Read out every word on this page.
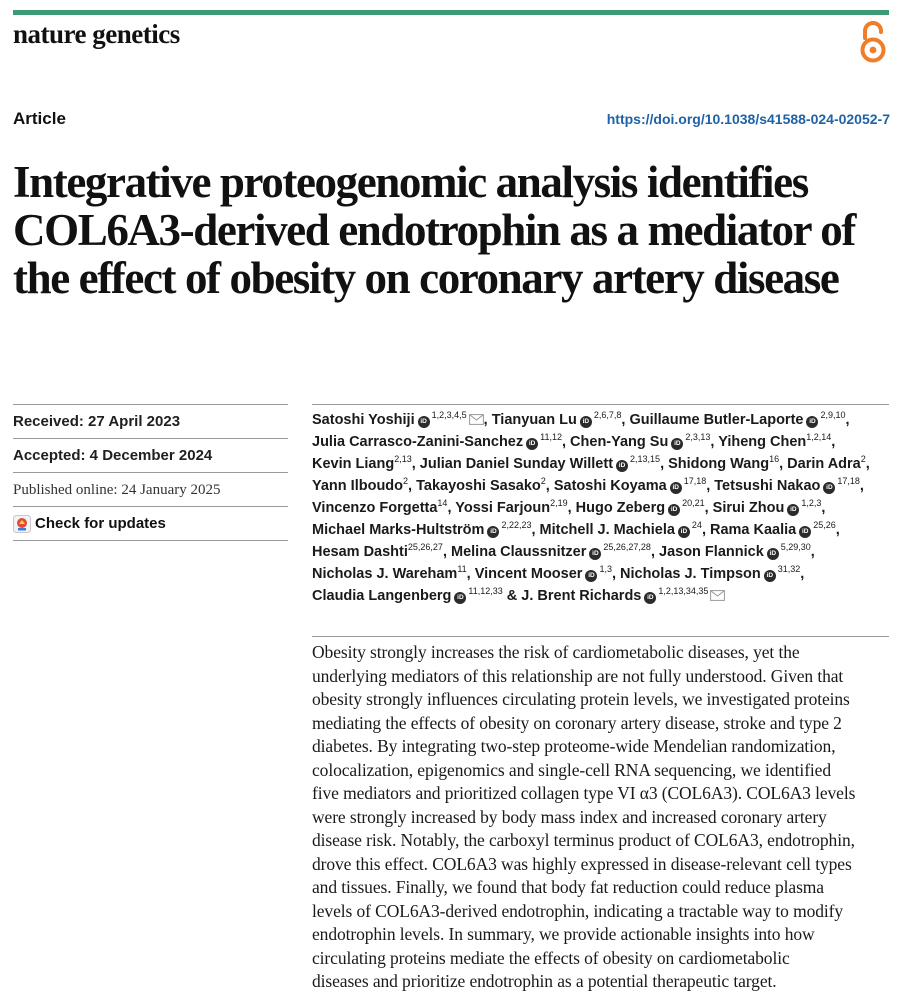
nature genetics
Article	https://doi.org/10.1038/s41588-024-02052-7
Integrative proteogenomic analysis identifies COL6A3-derived endotrophin as a mediator of the effect of obesity on coronary artery disease
Received: 27 April 2023
Accepted: 4 December 2024
Published online: 24 January 2025
Check for updates
Satoshi Yoshiji iD$^{1,2,3,4,5}$ , Tianyuan Lu iD$^{2,6,7,8}$, Guillaume Butler-Laporte iD$^{2,9,10}$,
Julia Carrasco-Zanini-Sanchez iD$^{11,12}$, Chen-Yang Su iD$^{2,3,13}$, Yiheng Chen$^{1,2,14}$,
Kevin Liang$^{2,13}$, Julian Daniel Sunday Willett iD$^{2,13,15}$, Shidong Wang$^{16}$, Darin Adra$^2$,
Yann Ilboudo$^2$, Takayoshi Sasako$^2$, Satoshi Koyama iD$^{17,18}$, Tetsushi Nakao iD$^{17,18}$,
Vincenzo Forgetta$^{14}$, Yossi Farjoun$^{2,19}$, Hugo Zeberg iD$^{20,21}$, Sirui Zhou iD$^{1,2,3}$,
Michael Marks-Hultström iD$^{2,22,23}$, Mitchell J. Machiela $iD^{24}$, Rama Kaalia iD$^{25,26}$,
Hesam Dashti$^{25,26,27}$, Melina Claussnitzer iD$^{25,26,27,28}$, Jason Flannick iD$^{5,29,30}$,
Nicholas J. Wareham$^{11}$, Vincent Mooser iD$^{1,3}$, Nicholas J. Timpson iD$^{31,32}$,
Claudia Langenberg iD$^{11,12,33}$ & J. Brent Richards iD$^{1,2,13,34,35}$
Obesity strongly increases the risk of cardiometabolic diseases, yet the
underlying mediators of this relationship are not fully understood. Given that
obesity strongly influences circulating protein levels, we investigated proteins
mediating the effects of obesity on coronary artery disease, stroke and type 2
diabetes. By integrating two-step proteome-wide Mendelian randomization,
colocalization, epigenomics and single-cell RNA sequencing, we identified
five mediators and prioritized collagen type VI α3 (COL6A3). COL6A3 levels
were strongly increased by body mass index and increased coronary artery
disease risk. Notably, the carboxyl terminus product of COL6A3, endotrophin,
drove this effect. COL6A3 was highly expressed in disease-relevant cell types
and tissues. Finally, we found that body fat reduction could reduce plasma
levels of COL6A3-derived endotrophin, indicating a tractable way to modify
endotrophin levels. In summary, we provide actionable insights into how
circulating proteins mediate the effects of obesity on cardiometabolic
diseases and prioritize endotrophin as a potential therapeutic target.
